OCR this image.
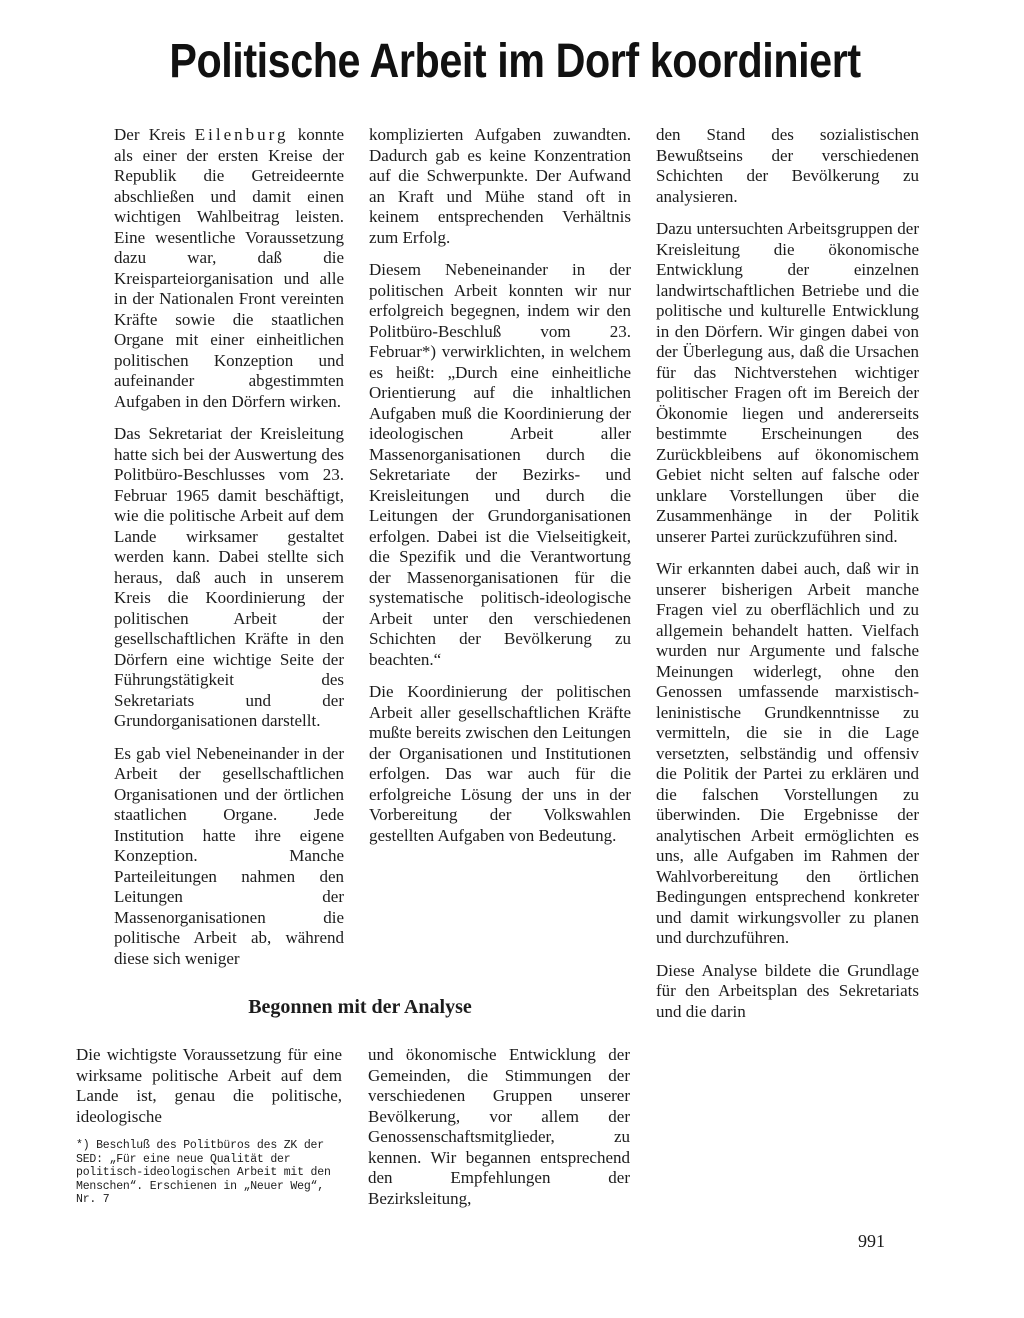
Politische Arbeit im Dorf koordiniert

Der Kreis Eilenburg konnte als einer der ersten Kreise der Republik die Getreideernte abschließen und damit einen wichtigen Wahlbeitrag leisten. Eine wesentliche Voraussetzung dazu war, daß die Kreisparteiorganisation und alle in der Nationalen Front vereinten Kräfte sowie die staatlichen Organe mit einer einheitlichen politischen Konzeption und aufeinander abgestimmten Aufgaben in den Dörfern wirken.

Das Sekretariat der Kreisleitung hatte sich bei der Auswertung des Politbüro-Beschlusses vom 23. Februar 1965 damit beschäftigt, wie die politische Arbeit auf dem Lande wirksamer gestaltet werden kann. Dabei stellte sich heraus, daß auch in unserem Kreis die Koordinierung der politischen Arbeit der gesellschaftlichen Kräfte in den Dörfern eine wichtige Seite der Führungstätigkeit des Sekretariats und der Grundorganisationen darstellt.

Es gab viel Nebeneinander in der Arbeit der gesellschaftlichen Organisationen und der örtlichen staatlichen Organe. Jede Institution hatte ihre eigene Konzeption. Manche Parteileitungen nahmen den Leitungen der Massenorganisationen die politische Arbeit ab, während diese sich weniger

komplizierten Aufgaben zuwandten. Dadurch gab es keine Konzentration auf die Schwerpunkte. Der Aufwand an Kraft und Mühe stand oft in keinem entsprechenden Verhältnis zum Erfolg.

Diesem Nebeneinander in der politischen Arbeit konnten wir nur erfolgreich begegnen, indem wir den Politbüro-Beschluß vom 23. Februar*) verwirklichten, in welchem es heißt: „Durch eine einheitliche Orientierung auf die inhaltlichen Aufgaben muß die Koordinierung der ideologischen Arbeit aller Massenorganisationen durch die Sekretariate der Bezirks- und Kreisleitungen und durch die Leitungen der Grundorganisationen erfolgen. Dabei ist die Vielseitigkeit, die Spezifik und die Verantwortung der Massenorganisationen für die systematische politisch-ideologische Arbeit unter den verschiedenen Schichten der Bevölkerung zu beachten.“

Die Koordinierung der politischen Arbeit aller gesellschaftlichen Kräfte mußte bereits zwischen den Leitungen der Organisationen und Institutionen erfolgen. Das war auch für die erfolgreiche Lösung der uns in der Vorbereitung der Volkswahlen gestellten Aufgaben von Bedeutung.

den Stand des sozialistischen Bewußtseins der verschiedenen Schichten der Bevölkerung zu analysieren.

Dazu untersuchten Arbeitsgruppen der Kreisleitung die ökonomische Entwicklung der einzelnen landwirtschaftlichen Betriebe und die politische und kulturelle Entwicklung in den Dörfern. Wir gingen dabei von der Überlegung aus, daß die Ursachen für das Nichtverstehen wichtiger politischer Fragen oft im Bereich der Ökonomie liegen und andererseits bestimmte Erscheinungen des Zurückbleibens auf ökonomischem Gebiet nicht selten auf falsche oder unklare Vorstellungen über die Zusammenhänge in der Politik unserer Partei zurückzuführen sind.

Wir erkannten dabei auch, daß wir in unserer bisherigen Arbeit manche Fragen viel zu oberflächlich und zu allgemein behandelt hatten. Vielfach wurden nur Argumente und falsche Meinungen widerlegt, ohne den Genossen umfassende marxistisch-leninistische Grundkenntnisse zu vermitteln, die sie in die Lage versetzten, selbständig und offensiv die Politik der Partei zu erklären und die falschen Vorstellungen zu überwinden. Die Ergebnisse der analytischen Arbeit ermöglichten es uns, alle Aufgaben im Rahmen der Wahlvorbereitung den örtlichen Bedingungen entsprechend konkreter und damit wirkungsvoller zu planen und durchzuführen.

Diese Analyse bildete die Grundlage für den Arbeitsplan des Sekretariats und die darin

Begonnen mit der Analyse

Die wichtigste Voraussetzung für eine wirksame politische Arbeit auf dem Lande ist, genau die politische, ideologische

*) Beschluß des Politbüros des ZK der SED: „Für eine neue Qualität der politisch-ideologischen Arbeit mit den Menschen“. Erschienen in „Neuer Weg“, Nr. 7

und ökonomische Entwicklung der Gemeinden, die Stimmungen der verschiedenen Gruppen unserer Bevölkerung, vor allem der Genossenschaftsmitglieder, zu kennen. Wir begannen entsprechend den Empfehlungen der Bezirksleitung,

991
